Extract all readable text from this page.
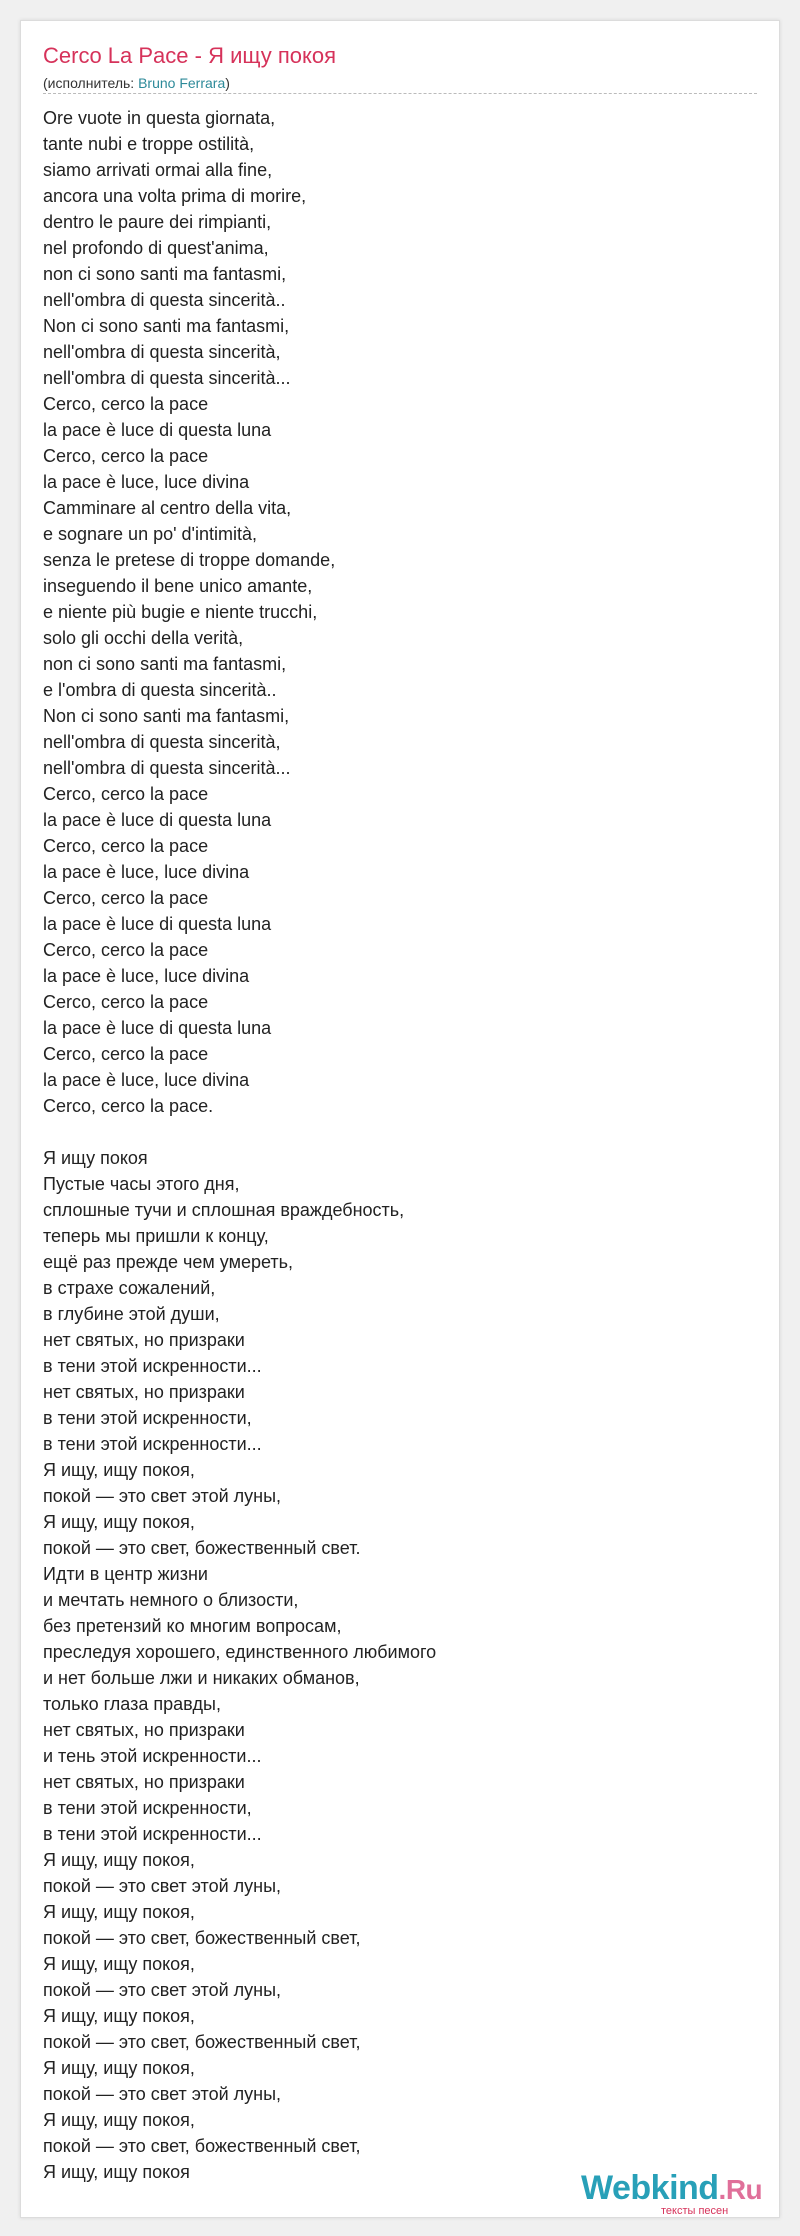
Cerco La Pace - Я ищу покоя
(исполнитель: Bruno Ferrara)
Ore vuote in questa giornata,
tante nubi e troppe ostilità,
siamo arrivati ormai alla fine,
ancora una volta prima di morire,
dentro le paure dei rimpianti,
nel profondo di quest'anima,
non ci sono santi ma fantasmi,
nell'ombra di questa sincerità..
Non ci sono santi ma fantasmi,
nell'ombra di questa sincerità,
nell'ombra di questa sincerità...
Cerco, cerco la pace
la pace è luce di questa luna
Cerco, cerco la pace
la pace è luce, luce divina
Camminare al centro della vita,
e sognare un po' d'intimità,
senza le pretese di troppe domande,
inseguendo il bene unico amante,
e niente più bugie e niente trucchi,
solo gli occhi della verità,
non ci sono santi ma fantasmi,
e l'ombra di questa sincerità..
Non ci sono santi ma fantasmi,
nell'ombra di questa sincerità,
nell'ombra di questa sincerità...
Cerco, cerco la pace
la pace è luce di questa luna
Cerco, cerco la pace
la pace è luce, luce divina
Cerco, cerco la pace
la pace è luce di questa luna
Cerco, cerco la pace
la pace è luce, luce divina
Cerco, cerco la pace
la pace è luce di questa luna
Cerco, cerco la pace
la pace è luce, luce divina
Cerco, cerco la pace.
Я ищу покоя
Пустые часы этого дня,
сплошные тучи и сплошная враждебность,
теперь мы пришли к концу,
ещё раз прежде чем умереть,
в страхе сожалений,
в глубине этой души,
нет святых, но призраки
в тени этой искренности...
нет святых, но призраки
в тени этой искренности,
в тени этой искренности...
Я ищу, ищу покоя,
покой — это свет этой луны,
Я ищу, ищу покоя,
покой — это свет, божественный свет.
Идти в центр жизни
и мечтать немного о близости,
без претензий ко многим вопросам,
преследуя хорошего, единственного любимого
и нет больше лжи и никаких обманов,
только глаза правды,
нет святых, но призраки
и тень этой искренности...
нет святых, но призраки
в тени этой искренности,
в тени этой искренности...
Я ищу, ищу покоя,
покой — это свет этой луны,
Я ищу, ищу покоя,
покой — это свет, божественный свет,
Я ищу, ищу покоя,
покой — это свет этой луны,
Я ищу, ищу покоя,
покой — это свет, божественный свет,
Я ищу, ищу покоя,
покой — это свет этой луны,
Я ищу, ищу покоя,
покой — это свет, божественный свет,
Я ищу, ищу покоя	Webkind.Ru
тексты песен
